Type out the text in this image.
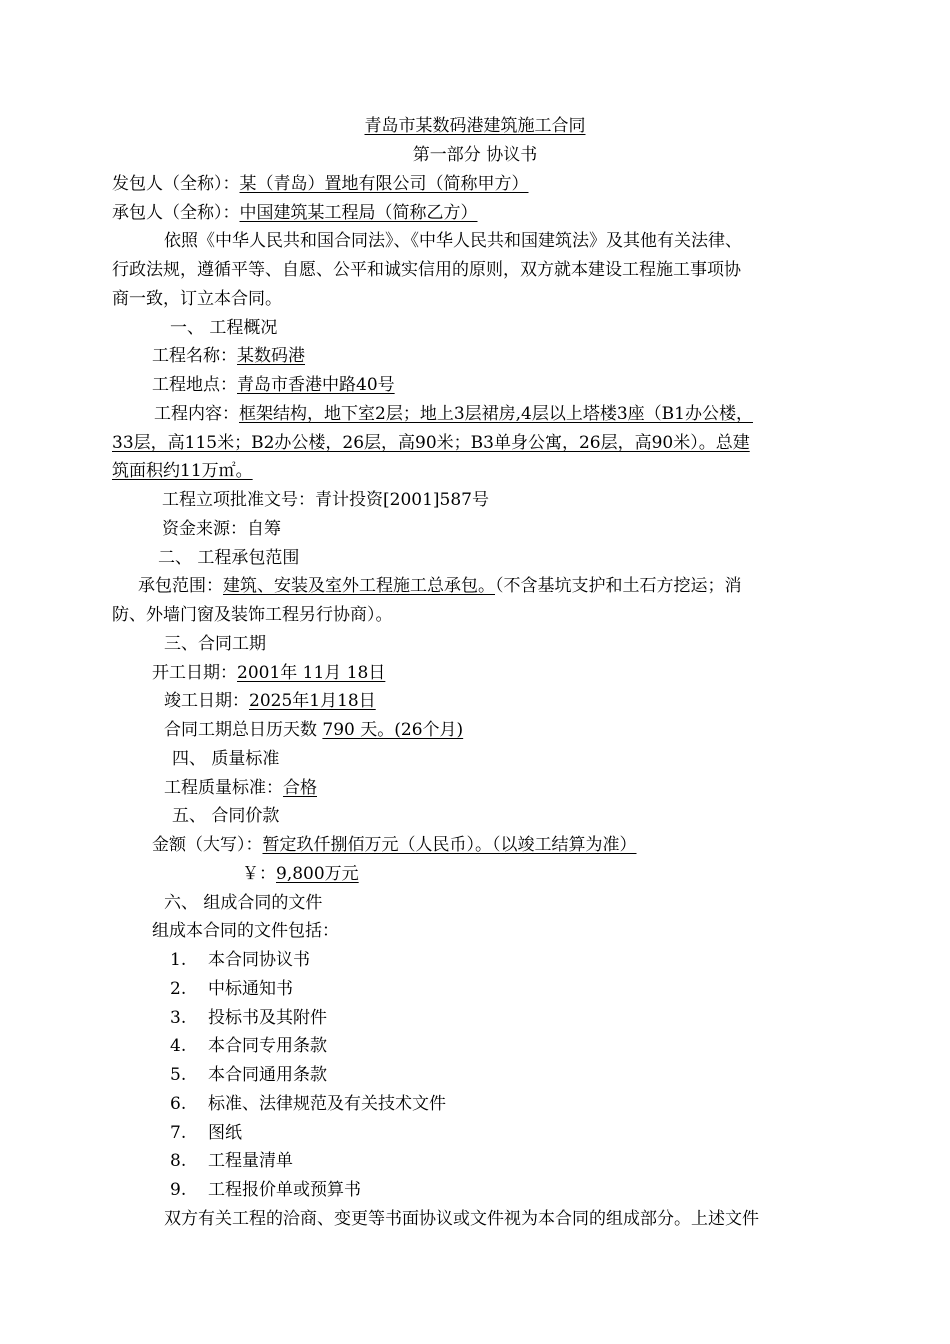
青岛市某数码港建筑施工合同
第一部分 协议书
发包人（全称）：某（青岛）置地有限公司（简称甲方）
承包人（全称）：中国建筑某工程局（简称乙方）
依照《中华人民共和国合同法》、《中华人民共和国建筑法》及其他有关法律、
行政法规，遵循平等、自愿、公平和诚实信用的原则，双方就本建设工程施工事项协
商一致，订立本合同。
一、 工程概况
工程名称：某数码港
工程地点：青岛市香港中路40号
工程内容：框架结构，地下室2层；地上3层裙房,4层以上塔楼3座（B1办公楼，
33层，高115米；B2办公楼，26层，高90米；B3单身公寓，26层，高90米）。总建
筑面积约11万㎡。
工程立项批准文号：青计投资[2001]587号
资金来源：自筹
二、 工程承包范围
承包范围：建筑、安装及室外工程施工总承包。（不含基坑支护和土石方挖运；消
防、外墙门窗及装饰工程另行协商）。
三、合同工期
开工日期：2001年 11月 18日
竣工日期：2025年1月18日
合同工期总日历天数 790 天。(26个月)
四、 质量标准
工程质量标准：合格
五、 合同价款
金额（大写）：暂定玖仟捌佰万元（人民币）。（以竣工结算为准）
￥：9,800万元
六、 组成合同的文件
组成本合同的文件包括：
1. 本合同协议书
2. 中标通知书
3. 投标书及其附件
4. 本合同专用条款
5. 本合同通用条款
6. 标准、法律规范及有关技术文件
7. 图纸
8. 工程量清单
9. 工程报价单或预算书
双方有关工程的洽商、变更等书面协议或文件视为本合同的组成部分。上述文件
